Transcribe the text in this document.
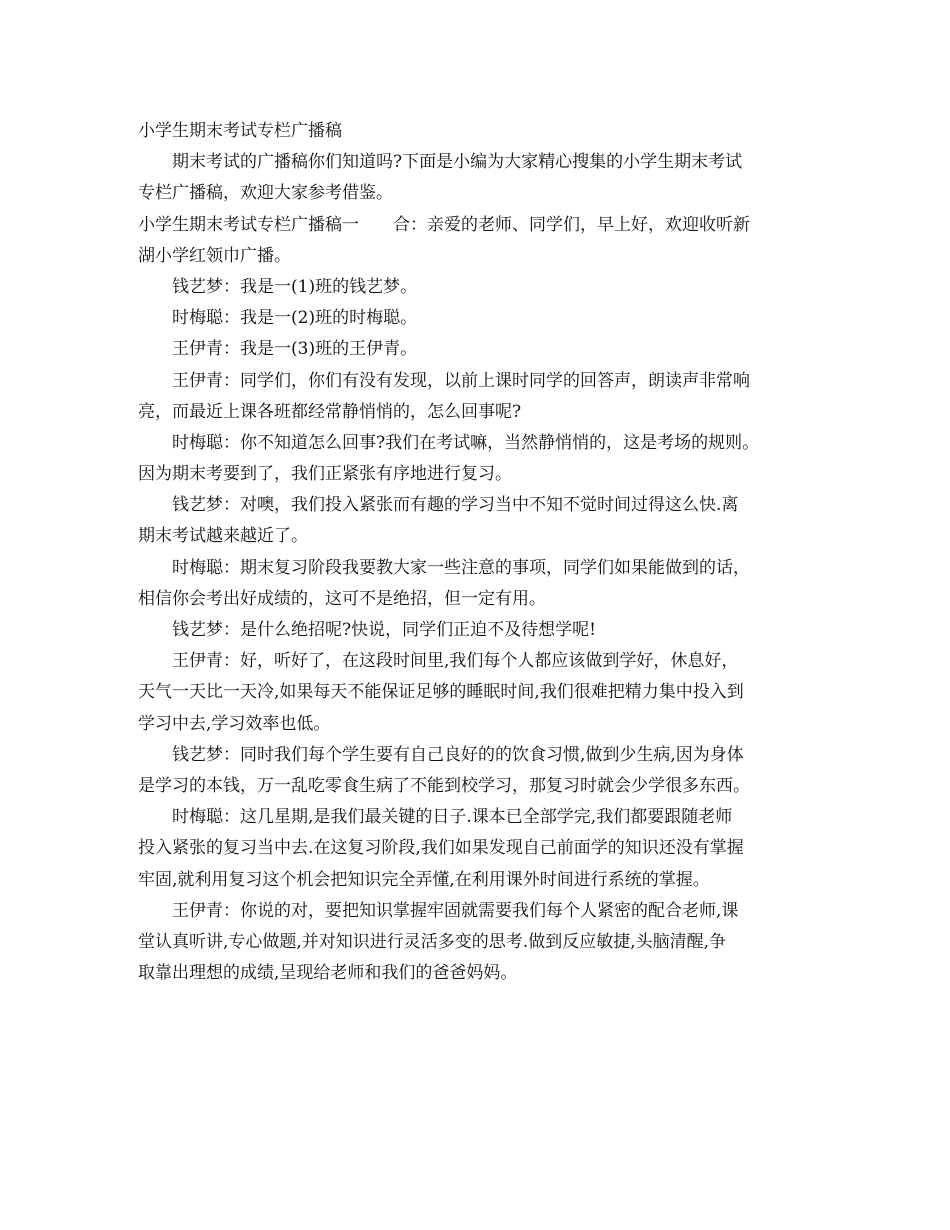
小学生期末考试专栏广播稿
期末考试的广播稿你们知道吗?下面是小编为大家精心搜集的小学生期末考试
专栏广播稿，欢迎大家参考借鉴。
小学生期末考试专栏广播稿一 合：亲爱的老师、同学们，早上好，欢迎收听新
湖小学红领巾广播。
钱艺梦：我是一(1)班的钱艺梦。
时梅聪：我是一(2)班的时梅聪。
王伊青：我是一(3)班的王伊青。
王伊青：同学们，你们有没有发现，以前上课时同学的回答声，朗读声非常响
亮，而最近上课各班都经常静悄悄的，怎么回事呢?
时梅聪：你不知道怎么回事?我们在考试嘛，当然静悄悄的，这是考场的规则。
因为期末考要到了，我们正紧张有序地进行复习。
钱艺梦：对噢，我们投入紧张而有趣的学习当中不知不觉时间过得这么快.离
期末考试越来越近了。
时梅聪：期末复习阶段我要教大家一些注意的事项，同学们如果能做到的话，
相信你会考出好成绩的，这可不是绝招，但一定有用。
钱艺梦：是什么绝招呢?快说，同学们正迫不及待想学呢!
王伊青：好，听好了，在这段时间里,我们每个人都应该做到学好，休息好，
天气一天比一天冷,如果每天不能保证足够的睡眠时间,我们很难把精力集中投入到
学习中去,学习效率也低。
钱艺梦：同时我们每个学生要有自己良好的的饮食习惯,做到少生病,因为身体
是学习的本钱，万一乱吃零食生病了不能到校学习，那复习时就会少学很多东西。
时梅聪：这几星期,是我们最关键的日子.课本已全部学完,我们都要跟随老师
投入紧张的复习当中去.在这复习阶段,我们如果发现自己前面学的知识还没有掌握
牢固,就利用复习这个机会把知识完全弄懂,在利用课外时间进行系统的掌握。
王伊青：你说的对，要把知识掌握牢固就需要我们每个人紧密的配合老师,课
堂认真听讲,专心做题,并对知识进行灵活多变的思考.做到反应敏捷,头脑清醒,争
取靠出理想的成绩,呈现给老师和我们的爸爸妈妈。
